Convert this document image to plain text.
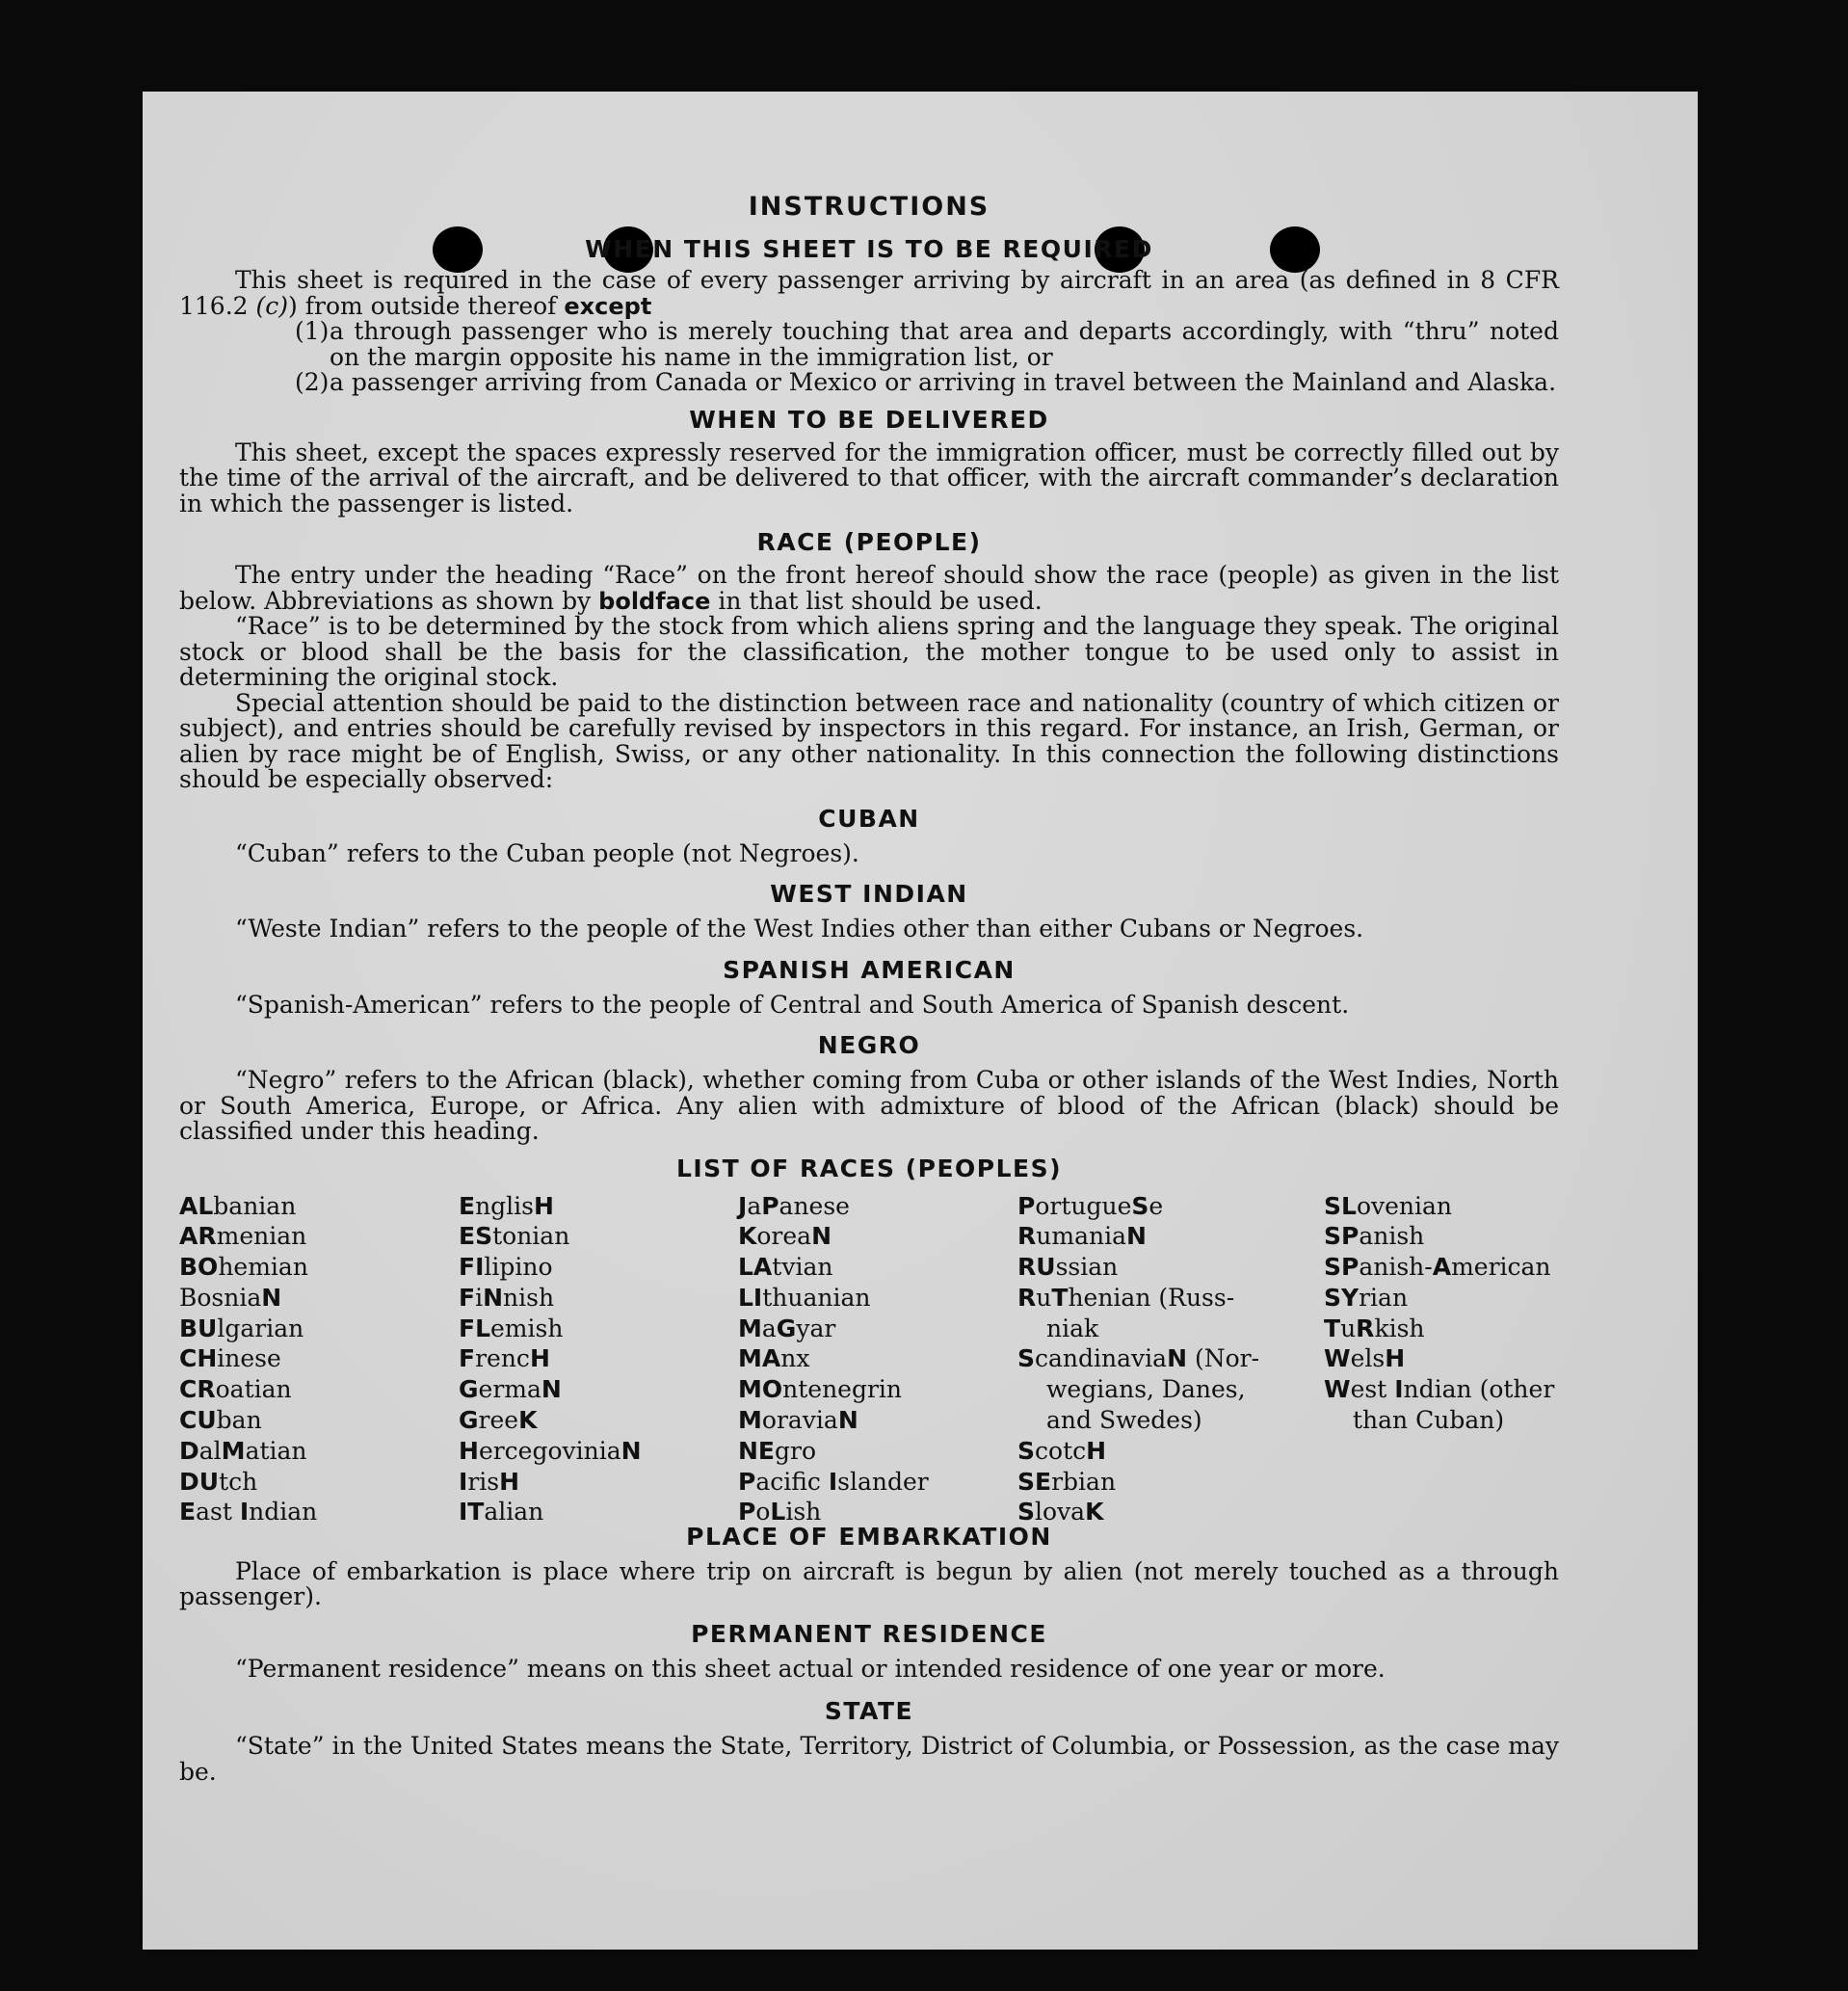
INSTRUCTIONS
WHEN THIS SHEET IS TO BE REQUIRED

This sheet is required in the case of every passenger arriving by aircraft in an area (as defined in 8 CFR 116.2 (c)) from outside thereof except

(1)a through passenger who is merely touching that area and departs accordingly, with “thru” noted on the margin opposite his name in the immigration list, or

(2)a passenger arriving from Canada or Mexico or arriving in travel between the Mainland and Alaska.

WHEN TO BE DELIVERED

This sheet, except the spaces expressly reserved for the immigration officer, must be correctly filled out by the time of the arrival of the aircraft, and be delivered to that officer, with the aircraft commander’s declaration in which the passenger is listed.

RACE (PEOPLE)

The entry under the heading “Race” on the front hereof should show the race (people) as given in the list below. Abbreviations as shown by boldface in that list should be used.

“Race” is to be determined by the stock from which aliens spring and the language they speak. The original stock or blood shall be the basis for the classification, the mother tongue to be used only to assist in determining the original stock.

Special attention should be paid to the distinction between race and nationality (country of which citizen or subject), and entries should be carefully revised by inspectors in this regard. For instance, an Irish, German, or alien by race might be of English, Swiss, or any other nationality. In this connection the following distinctions should be especially observed:

CUBAN

“Cuban” refers to the Cuban people (not Negroes).

WEST INDIAN

“Weste Indian” refers to the people of the West Indies other than either Cubans or Negroes.

SPANISH AMERICAN

“Spanish-American” refers to the people of Central and South America of Spanish descent.

NEGRO

“Negro” refers to the African (black), whether coming from Cuba or other islands of the West Indies, North or South America, Europe, or Africa. Any alien with admixture of blood of the African (black) should be classified under this heading.

LIST OF RACES (PEOPLES)
ALbanian
ARmenian
BOhemian
BosniaN
BUlgarian
CHinese
CRoatian
CUban
DalMatian
DUtch
East Indian
EnglisH
EStonian
FIlipino
FiNnish
FLemish
FrencH
GermaN
GreeK
HercegoviniaN
IrisH
ITalian
JaPanese
KoreaN
LAtvian
LIthuanian
MaGyar
MAnx
MOntenegrin
MoraviaN
NEgro
Pacific Islander
PoLish
PortugueSe
RumaniaN
RUssian
RuThenian (Russ-
niak
ScandinaviaN (Nor-
wegians, Danes,
and Swedes)
ScotcH
SErbian
SlovaK
SLovenian
SPanish
SPanish-American
SYrian
TuRkish
WelsH
West Indian (other
than Cuban)
PLACE OF EMBARKATION

Place of embarkation is place where trip on aircraft is begun by alien (not merely touched as a through passenger).

PERMANENT RESIDENCE

“Permanent residence” means on this sheet actual or intended residence of one year or more.

STATE

“State” in the United States means the State, Territory, District of Columbia, or Possession, as the case may be.
